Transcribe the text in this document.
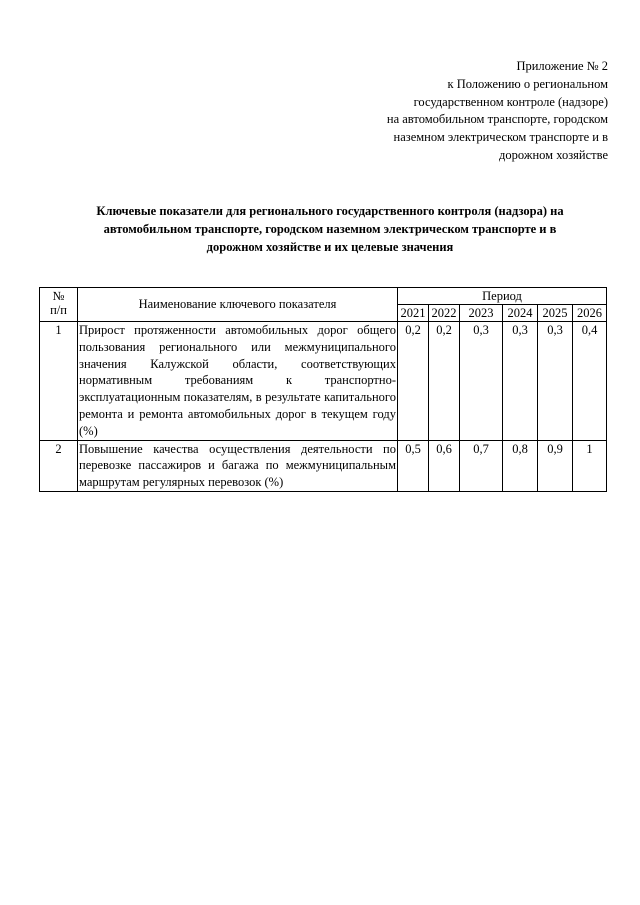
Приложение № 2
к Положению о региональном
государственном контроле (надзоре)
на автомобильном транспорте, городском
наземном электрическом транспорте и в
дорожном хозяйстве
Ключевые показатели для регионального государственного контроля (надзора) на
автомобильном транспорте, городском наземном электрическом транспорте и в
дорожном хозяйстве и их целевые значения
№
п/п	Наименование ключевого показателя	Период					
		2021	2022	2023	2024	2025	2026
1	Прирост протяженности автомобильных дорог общего пользования регионального или межмуниципального значения Калужской области, соответствующих нормативным требованиям к транспортно-эксплуатационным показателям, в результате капитального ремонта и ремонта автомобильных дорог в текущем году (%)	0,2	0,2	0,3	0,3	0,3	0,4
2	Повышение качества осуществления деятельности по перевозке пассажиров и багажа по межмуниципальным маршрутам регулярных перевозок (%)	0,5	0,6	0,7	0,8	0,9	1
